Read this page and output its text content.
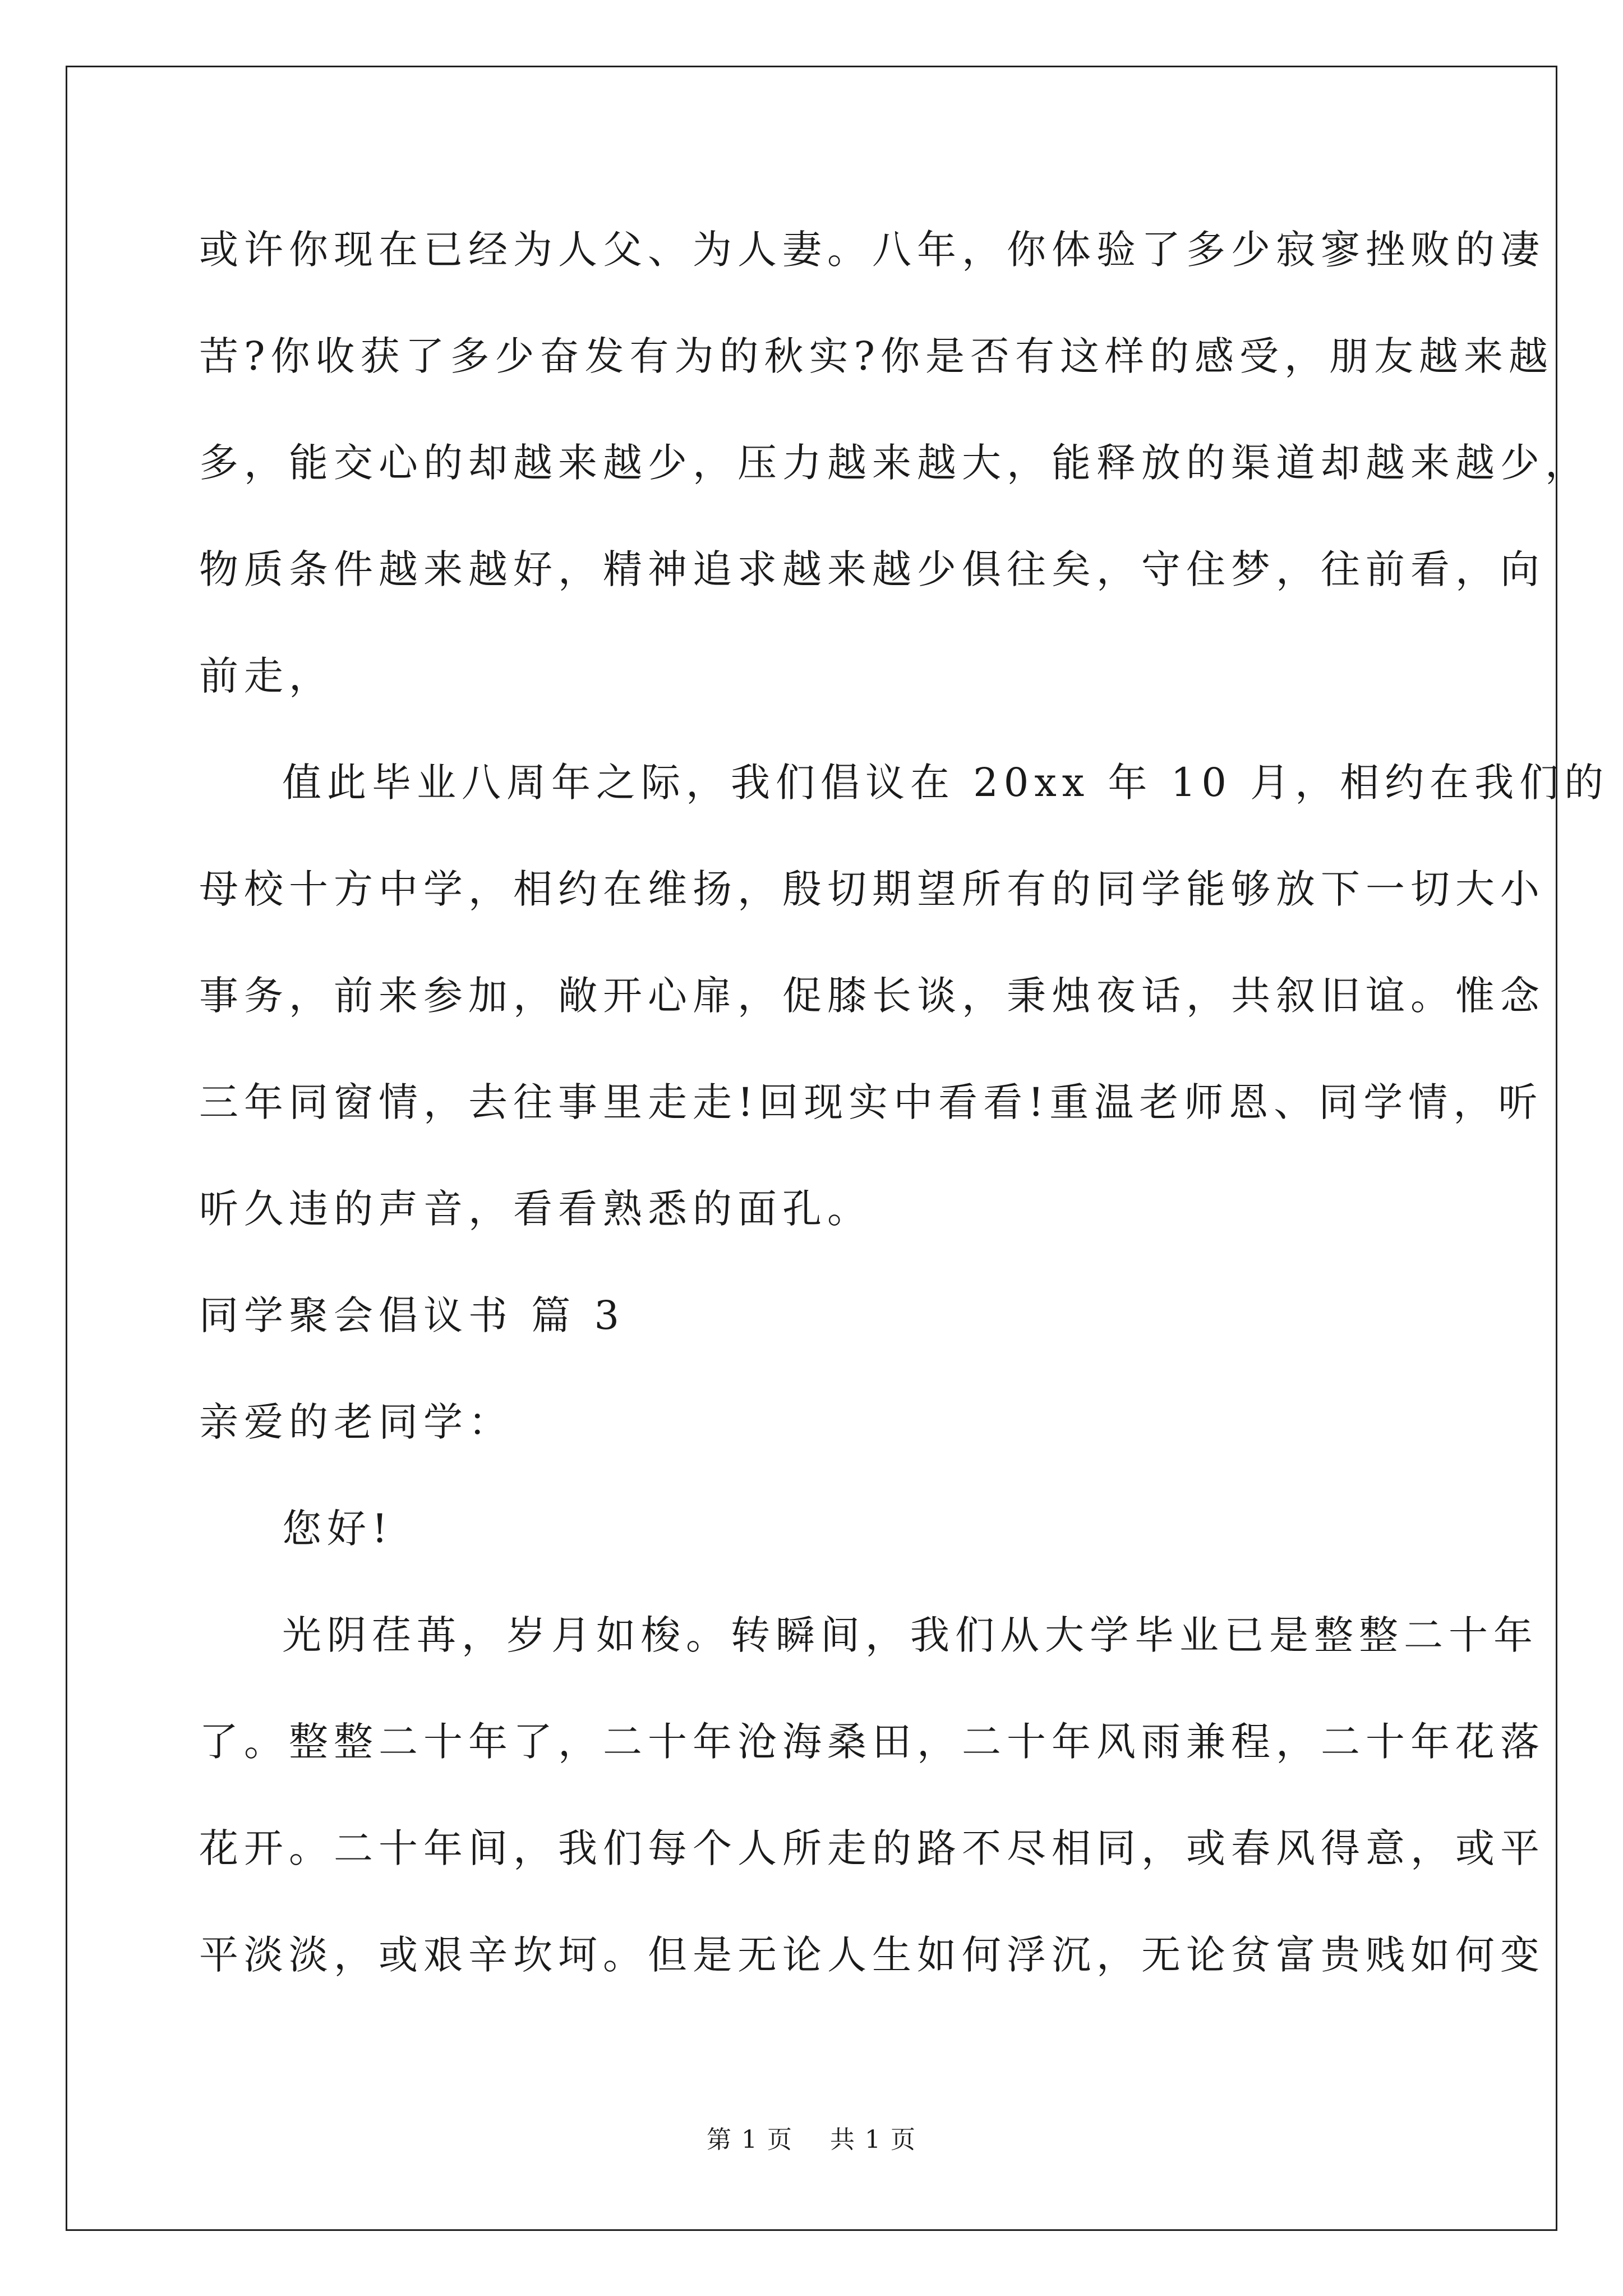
或许你现在已经为人父、为人妻。八年，你体验了多少寂寥挫败的凄
苦?你收获了多少奋发有为的秋实?你是否有这样的感受，朋友越来越
多，能交心的却越来越少，压力越来越大，能释放的渠道却越来越少，
物质条件越来越好，精神追求越来越少俱往矣，守住梦，往前看，向
前走，
值此毕业八周年之际，我们倡议在 20xx 年 10 月，相约在我们的
母校十方中学，相约在维扬，殷切期望所有的同学能够放下一切大小
事务，前来参加，敞开心扉，促膝长谈，秉烛夜话，共叙旧谊。惟念
三年同窗情，去往事里走走!回现实中看看!重温老师恩、同学情，听
听久违的声音，看看熟悉的面孔。
同学聚会倡议书 篇 3
亲爱的老同学：
您好!
光阴荏苒，岁月如梭。转瞬间，我们从大学毕业已是整整二十年
了。整整二十年了，二十年沧海桑田，二十年风雨兼程，二十年花落
花开。二十年间，我们每个人所走的路不尽相同，或春风得意，或平
平淡淡，或艰辛坎坷。但是无论人生如何浮沉，无论贫富贵贱如何变
第 1 页 共 1 页
